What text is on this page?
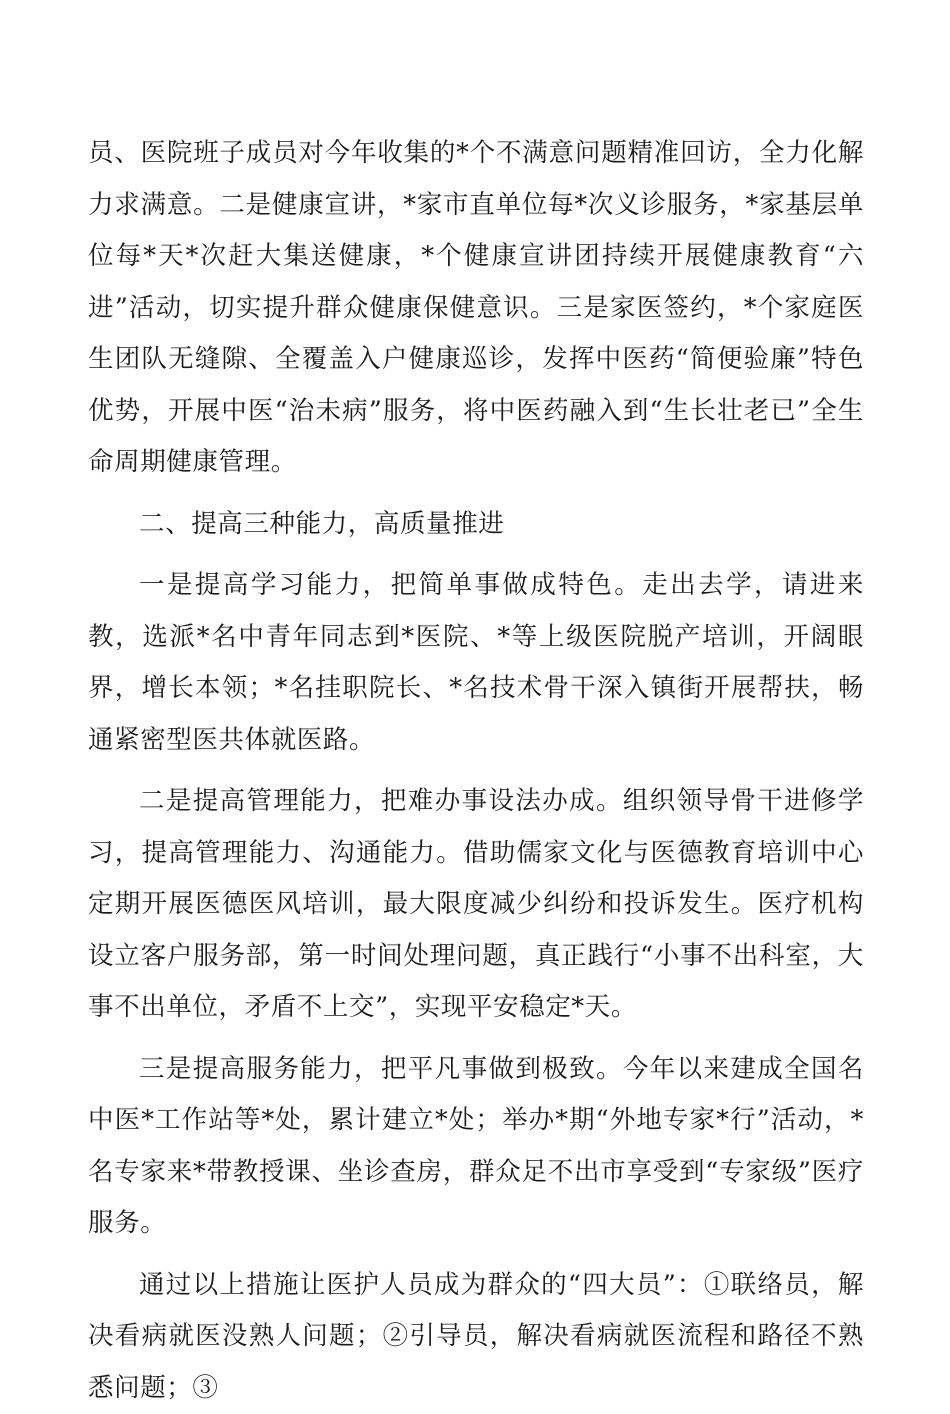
员、医院班子成员对今年收集的*个不满意问题精准回访，全力化解力求满意。二是健康宣讲，*家市直单位每*次义诊服务，*家基层单位每*天*次赶大集送健康，*个健康宣讲团持续开展健康教育“六进”活动，切实提升群众健康保健意识。三是家医签约，*个家庭医生团队无缝隙、全覆盖入户健康巡诊，发挥中医药“简便验廉”特色优势，开展中医“治未病”服务，将中医药融入到“生长壮老已”全生命周期健康管理。

二、提高三种能力，高质量推进

一是提高学习能力，把简单事做成特色。走出去学，请进来教，选派*名中青年同志到*医院、*等上级医院脱产培训，开阔眼界，增长本领；*名挂职院长、*名技术骨干深入镇街开展帮扶，畅通紧密型医共体就医路。

二是提高管理能力，把难办事设法办成。组织领导骨干进修学习，提高管理能力、沟通能力。借助儒家文化与医德教育培训中心定期开展医德医风培训，最大限度减少纠纷和投诉发生。医疗机构设立客户服务部，第一时间处理问题，真正践行“小事不出科室，大事不出单位，矛盾不上交”，实现平安稳定*天。

三是提高服务能力，把平凡事做到极致。今年以来建成全国名中医*工作站等*处，累计建立*处；举办*期“外地专家*行”活动，*名专家来*带教授课、坐诊查房，群众足不出市享受到“专家级”医疗服务。

通过以上措施让医护人员成为群众的“四大员”：①联络员，解决看病就医没熟人问题；②引导员，解决看病就医流程和路径不熟悉问题；③
